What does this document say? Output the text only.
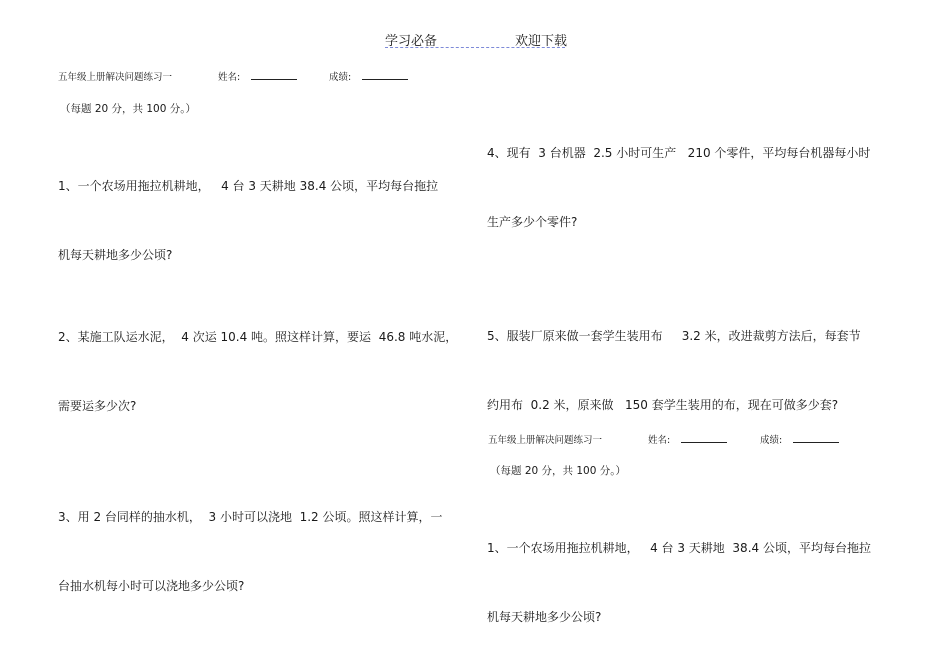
学习必备	欢迎下载
五年级上册解决问题练习一	姓名:	成绩:
（每题 20 分，共 100 分。）

1、一个农场用拖拉机耕地，   4 台 3 天耕地 38.4 公顷，平均每台拖拉

机每天耕地多少公顷?

2、某施工队运水泥，  4 次运 10.4 吨。照这样计算，要运  46.8 吨水泥，

需要运多少次?

3、用 2 台同样的抽水机，  3 小时可以浇地  1.2 公顷。照这样计算，一

台抽水机每小时可以浇地多少公顷?

4、现有  3 台机器  2.5 小时可生产   210 个零件，平均每台机器每小时

生产多少个零件?

5、服装厂原来做一套学生装用布     3.2 米，改进裁剪方法后，每套节

约用布  0.2 米，原来做   150 套学生装用的布，现在可做多少套?

五年级上册解决问题练习一	姓名:	成绩:
（每题 20 分，共 100 分。）

1、一个农场用拖拉机耕地，   4 台 3 天耕地  38.4 公顷，平均每台拖拉

机每天耕地多少公顷?
